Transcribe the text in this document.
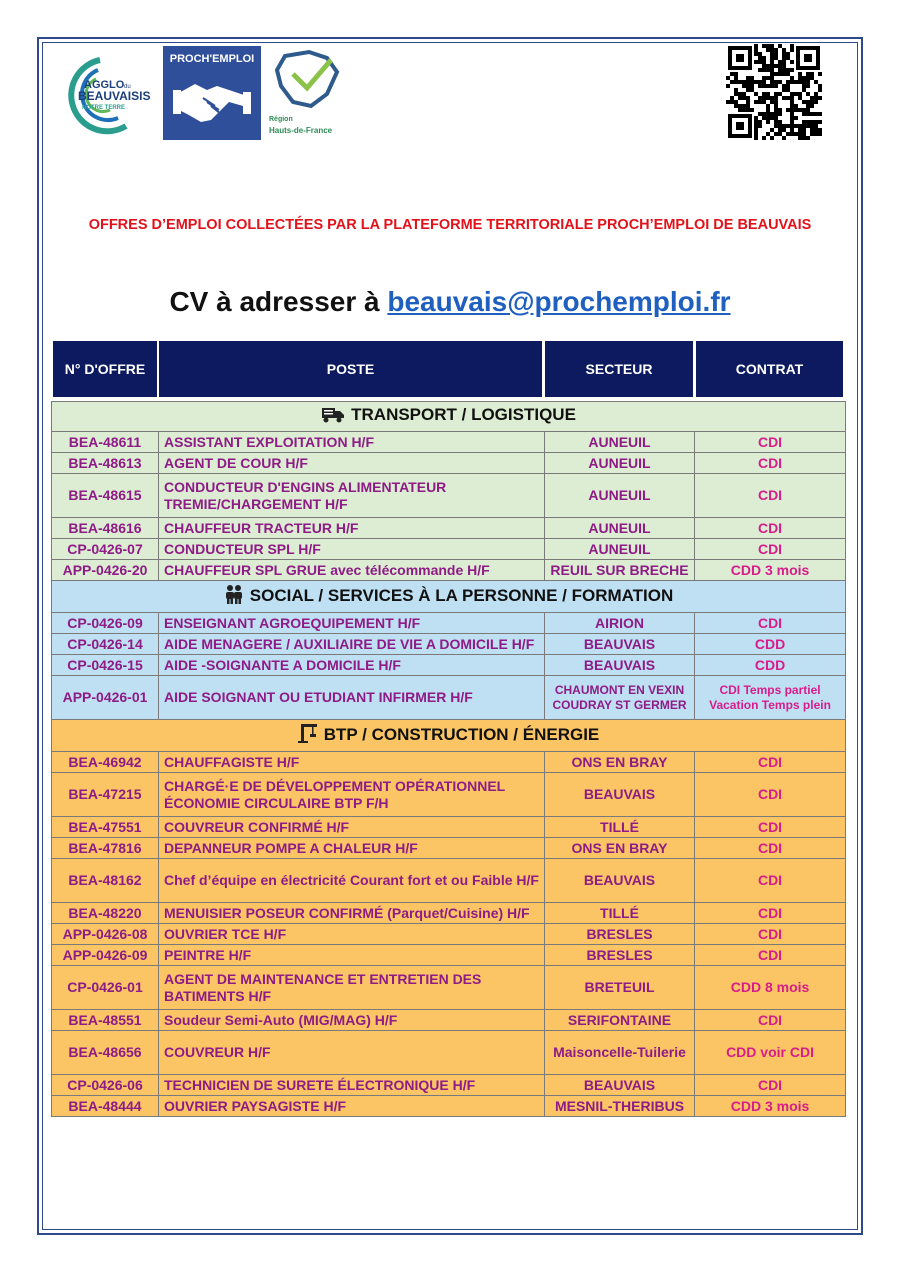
AGGLO du
BEAUVAISIS
NOTRE TERRE
PROCH'EMPLOI
Région
Hauts-de-France
OFFRES D’EMPLOI COLLECTÉES PAR LA PLATEFORME TERRITORIALE PROCH’EMPLOI DE BEAUVAIS
CV à adresser à beauvais@prochemploi.fr
N° D'OFFRE	POSTE	SECTEUR	CONTRAT
TRANSPORT / LOGISTIQUE			
BEA-48611	ASSISTANT EXPLOITATION H/F	AUNEUIL	CDI
BEA-48613	AGENT DE COUR H/F	AUNEUIL	CDI
BEA-48615	CONDUCTEUR D'ENGINS ALIMENTATEUR TREMIE/CHARGEMENT H/F	AUNEUIL	CDI
BEA-48616	CHAUFFEUR TRACTEUR H/F	AUNEUIL	CDI
CP-0426-07	CONDUCTEUR SPL H/F	AUNEUIL	CDI
APP-0426-20	CHAUFFEUR SPL GRUE avec télécommande H/F	REUIL SUR BRECHE	CDD 3 mois
SOCIAL / SERVICES À LA PERSONNE / FORMATION			
CP-0426-09	ENSEIGNANT AGROEQUIPEMENT H/F	AIRION	CDI
CP-0426-14	AIDE MENAGERE / AUXILIAIRE DE VIE A DOMICILE H/F	BEAUVAIS	CDD
CP-0426-15	AIDE -SOIGNANTE A DOMICILE H/F	BEAUVAIS	CDD
APP-0426-01	AIDE SOIGNANT OU ETUDIANT INFIRMER H/F	CHAUMONT EN VEXIN COUDRAY ST GERMER	CDI Temps partiel Vacation Temps plein
BTP / CONSTRUCTION / ÉNERGIE			
BEA-46942	CHAUFFAGISTE H/F	ONS EN BRAY	CDI
BEA-47215	CHARGÉ·E DE DÉVELOPPEMENT OPÉRATIONNEL ÉCONOMIE CIRCULAIRE BTP F/H	BEAUVAIS	CDI
BEA-47551	COUVREUR CONFIRMÉ H/F	TILLÉ	CDI
BEA-47816	DEPANNEUR POMPE A CHALEUR H/F	ONS EN BRAY	CDI
BEA-48162	Chef d’équipe en électricité Courant fort et ou Faible H/F	BEAUVAIS	CDI
BEA-48220	MENUISIER POSEUR CONFIRMÉ (Parquet/Cuisine) H/F	TILLÉ	CDI
APP-0426-08	OUVRIER TCE H/F	BRESLES	CDI
APP-0426-09	PEINTRE H/F	BRESLES	CDI
CP-0426-01	AGENT DE MAINTENANCE ET ENTRETIEN DES BATIMENTS H/F	BRETEUIL	CDD 8 mois
BEA-48551	Soudeur Semi-Auto (MIG/MAG) H/F	SERIFONTAINE	CDI
BEA-48656	COUVREUR H/F	Maisoncelle-Tuilerie	CDD voir CDI
CP-0426-06	TECHNICIEN DE SURETE ÉLECTRONIQUE H/F	BEAUVAIS	CDI
BEA-48444	OUVRIER PAYSAGISTE H/F	MESNIL-THERIBUS	CDD 3 mois
